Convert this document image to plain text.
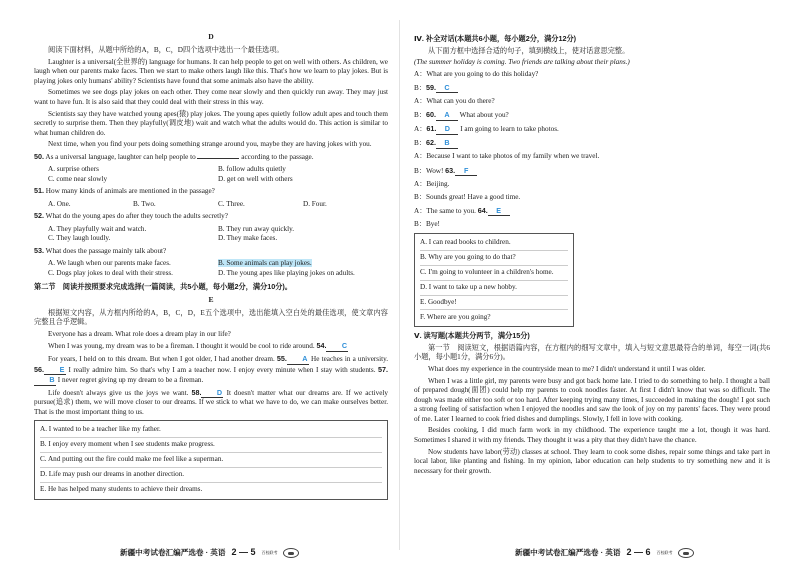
D

阅读下面材料，从题中所给的A，B，C，D四个选项中选出一个最佳选项。

Laughter is a universal(全世界的) language for humans. It can help people to get on well with others. As children, we laugh when our parents make faces. Then we start to make others laugh like this. That's how we learn to play jokes. But is playing jokes only humans' ability? Scientists have found that some animals also have the ability.

Sometimes we see dogs play jokes on each other. They come near slowly and then quickly run away. They may just want to have fun. It is also said that they could deal with their stress in this way.

Scientists say they have watched young apes(猿) play jokes. The young apes quietly follow adult apes and touch them secretly to surprise them. Then they playfully(调皮地) wait and watch what the adults would do. This action is similar to what human children do.

Next time, when you find your pets doing something strange around you, maybe they are having jokes with you.

50. As a universal language, laughter can help people to	according to the passage.
A. surprise others	B. follow adults quietly
C. come near slowly	D. get on well with others
51. How many kinds of animals are mentioned in the passage?
A. One.	B. Two.	C. Three.	D. Four.
52. What do the young apes do after they touch the adults secretly?
A. They playfully wait and watch.	B. They run away quickly.
C. They laugh loudly.	D. They make faces.
53. What does the passage mainly talk about?
A. We laugh when our parents make faces.	B. Some animals can play jokes.
C. Dogs play jokes to deal with their stress.	D. The young apes like playing jokes on adults.
第二节　阅读并按照要求完成选择(一篇阅读，共5小题，每小题2分，满分10分)。
E

根据短文内容，从方框内所给的A，B，C，D，E五个选项中，选出能填入空白处的最佳选项，使文章内容完整且合乎逻辑。

Everyone has a dream. What role does a dream play in our life?

When I was young, my dream was to be a fireman. I thought it would be cool to ride around. 54. C

For years, I held on to this dream. But when I got older, I had another dream. 55. A He teaches in a university. 56. E I really admire him. So that's why I am a teacher now. I enjoy every minute when I stay with students. 57.B I never regret giving up my dream to be a fireman.

Life doesn't always give us the joys we want. 58. D It doesn't matter what our dreams are. If we actively pursue(追求) them, we will move closer to our dreams. If we stick to what we have to do, we can make ourselves better. That is the most important thing to us.

A. I wanted to be a teacher like my father.
B. I enjoy every moment when I see students make progress.
C. And putting out the fire could make me feel like a superman.
D. Life may push our dreams in another direction.
E. He has helped many students to achieve their dreams.
新疆中考试卷汇编严选卷 · 英语 2 — 5 百校联考
Ⅳ. 补全对话(本题共6小题，每小题2分，满分12分)

从下面方框中选择合适的句子，填到横线上，使对话意思完整。

(The summer holiday is coming. Two friends are talking about their plans.)

A：What are you going to do this holiday?
B：59. C
A：What can you do there?
B：60. A What about you?
A：61. D I am going to learn to take photos.
B：62. B
A：Because I want to take photos of my family when we travel.
B：Wow! 63. F
A：Beijing.
B：Sounds great! Have a good time.
A：The same to you. 64. E
B：Bye!
A. I can read books to children.
B. Why are you going to do that?
C. I'm going to volunteer in a children's home.
D. I want to take up a new hobby.
E. Goodbye!
F. Where are you going?
Ⅴ. 读写题(本题共分两节，满分15分)

第一节　阅读短文，根据语篇内容，在方框内的细写文章中，填入与短文意思最符合的单词，每空一词(共6小题，每小题1分，满分6分)。

What does my experience in the countryside mean to me? I didn't understand it until I was older.

When I was a little girl, my parents were busy and got back home late. I tried to do something to help. I thought a ball of prepared dough(面团) could help my parents to cook noodles faster. At first I didn't know that was so difficult. The dough was made either too soft or too hard. After keeping trying many times, I succeeded in making the dough! I got such a strong feeling of satisfaction when I enjoyed the noodles and saw the look of joy on my parents' faces. They were proud of me. Later I learned to cook fried dishes and dumplings. Slowly, I fell in love with cooking.

Besides cooking, I did much farm work in my childhood. The experience taught me a lot, though it was hard. Sometimes I shared it with my friends. They thought it was a pity that they didn't have the chance.

Now students have labor(劳动) classes at school. They learn to cook some dishes, repair some things and take part in local labor, like planting and fishing. In my opinion, labor education can help students to try something new and it is necessary for their growth.

新疆中考试卷汇编严选卷 · 英语 2 — 6 百校联考
